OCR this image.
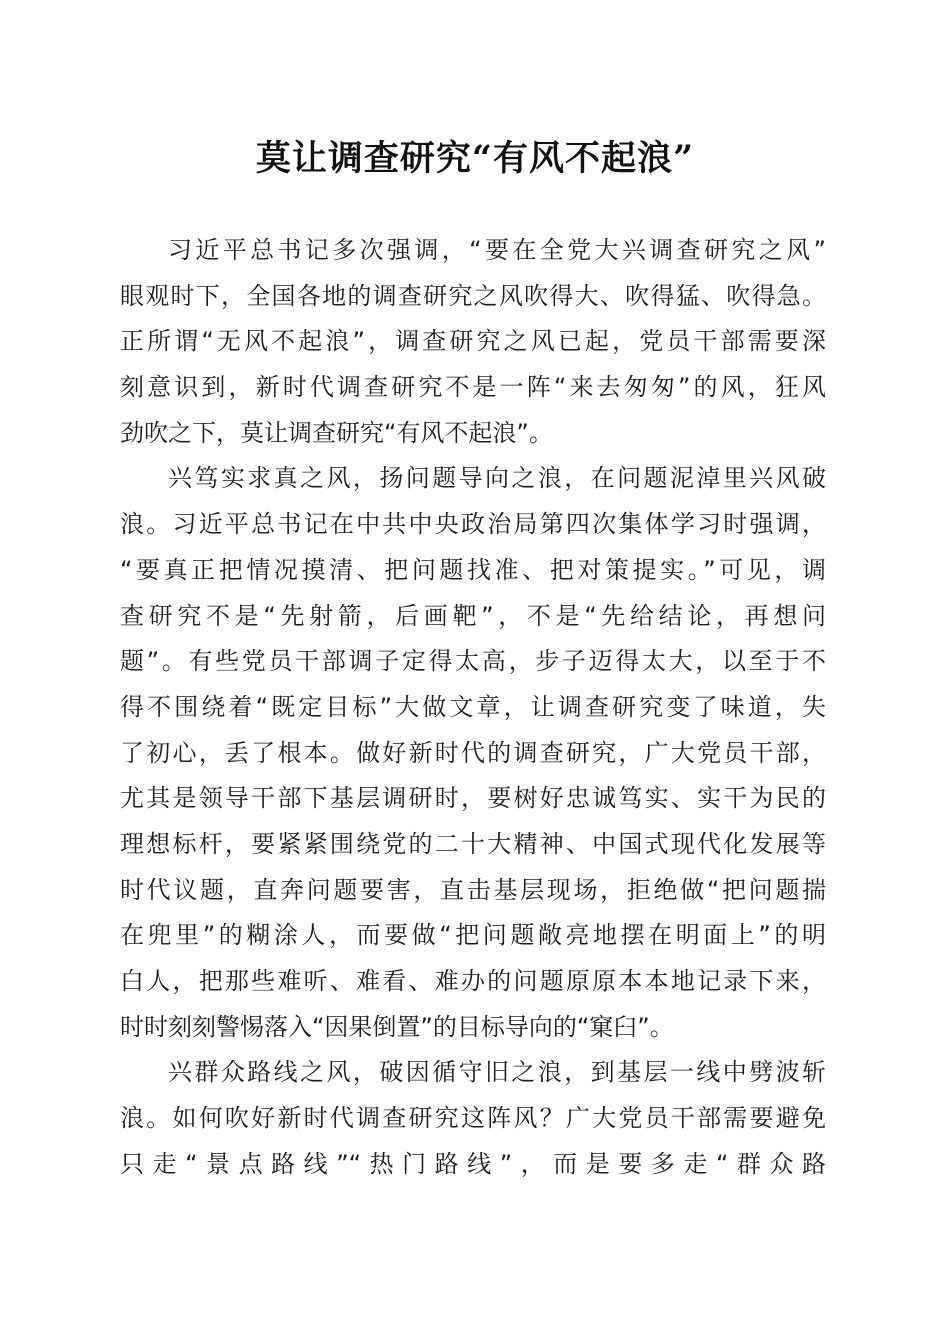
莫让调查研究“有风不起浪”
习近平总书记多次强调，“要在全党大兴调查研究之风”
眼观时下，全国各地的调查研究之风吹得大、吹得猛、吹得急。
正所谓“无风不起浪”，调查研究之风已起，党员干部需要深
刻意识到，新时代调查研究不是一阵“来去匆匆”的风，狂风
劲吹之下，莫让调查研究“有风不起浪”。
兴笃实求真之风，扬问题导向之浪，在问题泥淖里兴风破
浪。习近平总书记在中共中央政治局第四次集体学习时强调，
“要真正把情况摸清、把问题找准、把对策提实。”可见，调
查研究不是“先射箭，后画靶”，不是“先给结论，再想问
题”。有些党员干部调子定得太高，步子迈得太大，以至于不
得不围绕着“既定目标”大做文章，让调查研究变了味道，失
了初心，丢了根本。做好新时代的调查研究，广大党员干部，
尤其是领导干部下基层调研时，要树好忠诚笃实、实干为民的
理想标杆，要紧紧围绕党的二十大精神、中国式现代化发展等
时代议题，直奔问题要害，直击基层现场，拒绝做“把问题揣
在兜里”的糊涂人，而要做“把问题敞亮地摆在明面上”的明
白人，把那些难听、难看、难办的问题原原本本地记录下来，
时时刻刻警惕落入“因果倒置”的目标导向的“窠臼”。
兴群众路线之风，破因循守旧之浪，到基层一线中劈波斩
浪。如何吹好新时代调查研究这阵风？广大党员干部需要避免
只走“景点路线”“热门路线”，而是要多走“群众路
